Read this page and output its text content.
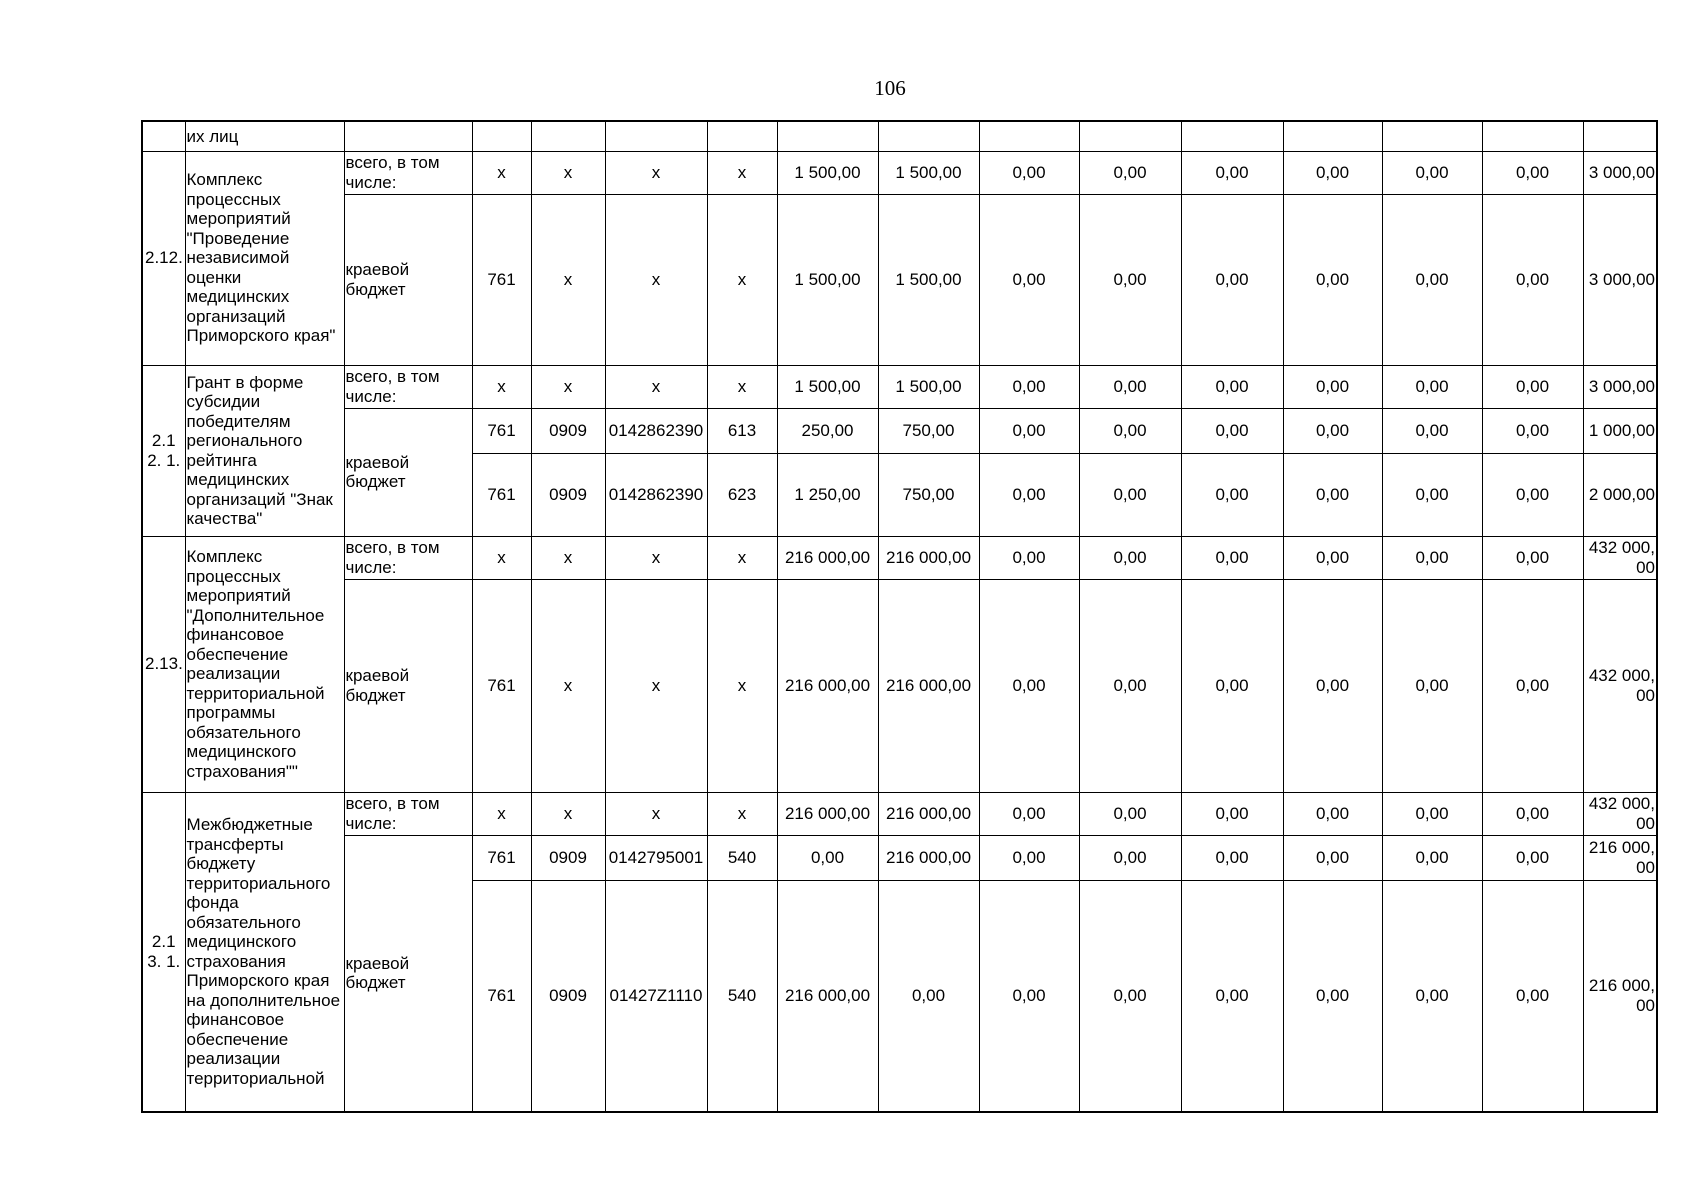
106
	их лиц														
2.12.	Комплекс процессных мероприятий "Проведение независимой оценки медицинских организаций Приморского края"	всего, в том числе:	x	x	x	x	1 500,00	1 500,00	0,00	0,00	0,00	0,00	0,00	0,00	3 000,00
		краевой бюджет	761	x	x	x	1 500,00	1 500,00	0,00	0,00	0,00	0,00	0,00	0,00	3 000,00
2.12. 1.	Грант в форме субсидии победителям регионального рейтинга медицинских организаций "Знак качества"	всего, в том числе:	x	x	x	x	1 500,00	1 500,00	0,00	0,00	0,00	0,00	0,00	0,00	3 000,00
		краевой бюджет	761	0909	0142862390	613	250,00	750,00	0,00	0,00	0,00	0,00	0,00	0,00	1 000,00
			761	0909	0142862390	623	1 250,00	750,00	0,00	0,00	0,00	0,00	0,00	0,00	2 000,00
2.13.	Комплекс процессных мероприятий "Дополнительное финансовое обеспечение реализации территориальной программы обязательного медицинского страхования""	всего, в том числе:	x	x	x	x	216 000,00	216 000,00	0,00	0,00	0,00	0,00	0,00	0,00	432 000, 00
		краевой бюджет	761	x	x	x	216 000,00	216 000,00	0,00	0,00	0,00	0,00	0,00	0,00	432 000, 00
2.13. 1.	Межбюджетные трансферты бюджету территориального фонда обязательного медицинского страхования Приморского края на дополнительное финансовое обеспечение реализации территориальной	всего, в том числе:	x	x	x	x	216 000,00	216 000,00	0,00	0,00	0,00	0,00	0,00	0,00	432 000, 00
		краевой бюджет	761	0909	0142795001	540	0,00	216 000,00	0,00	0,00	0,00	0,00	0,00	0,00	216 000, 00
			761	0909	01427Z1110	540	216 000,00	0,00	0,00	0,00	0,00	0,00	0,00	0,00	216 000, 00
